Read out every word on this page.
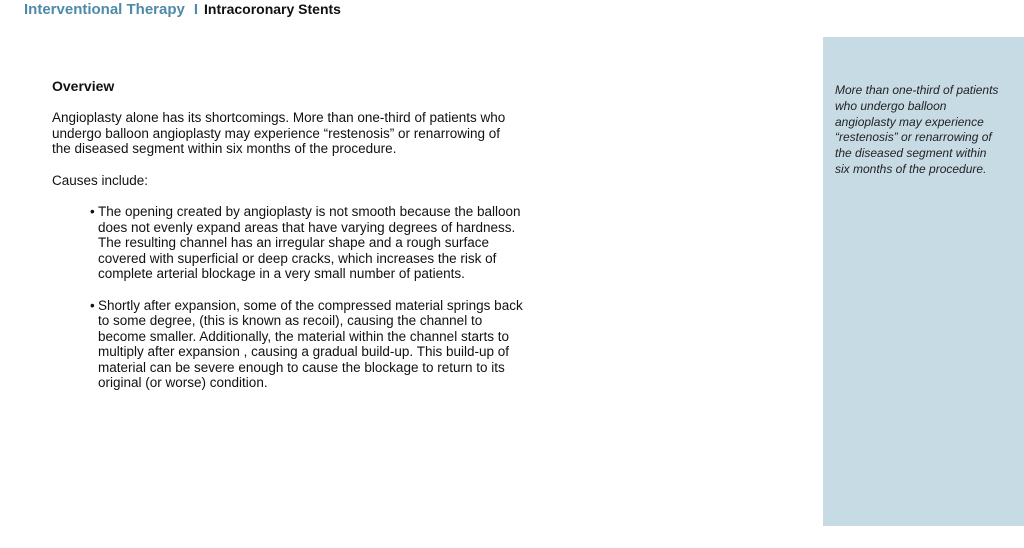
Interventional Therapy I Intracoronary Stents
Overview
Angioplasty alone has its shortcomings. More than one-third of patients who undergo balloon angioplasty may experience “restenosis” or renarrowing of the diseased segment within six months of the procedure.
Causes include:
• The opening created by angioplasty is not smooth because the balloon does not evenly expand areas that have varying degrees of hardness. The resulting channel has an irregular shape and a rough surface covered with superficial or deep cracks, which increases the risk of complete arterial blockage in a very small number of patients.
• Shortly after expansion, some of the compressed material springs back to some degree, (this is known as recoil), causing the channel to become smaller. Additionally, the material within the channel starts to multiply after expansion , causing a gradual build-up. This build-up of material can be severe enough to cause the blockage to return to its original (or worse) condition.
More than one-third of patients who undergo balloon angioplasty may experience “restenosis” or renarrowing of the diseased segment within six months of the procedure.
